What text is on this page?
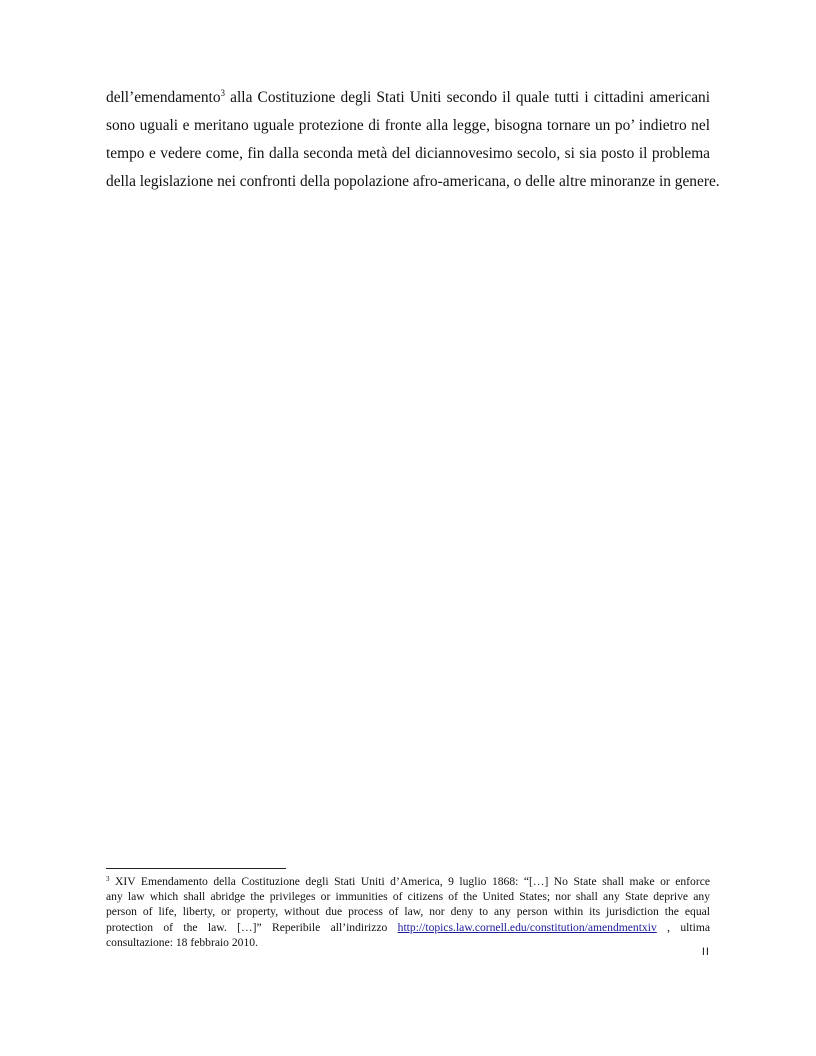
dell’emendamento$^3$ alla Costituzione degli Stati Uniti secondo il quale tutti i cittadini americani
sono uguali e meritano uguale protezione di fronte alla legge, bisogna tornare un po’ indietro nel
tempo e vedere come, fin dalla seconda metà del diciannovesimo secolo, si sia posto il problema
della legislazione nei confronti della popolazione afro-americana, o delle altre minoranze in genere.
$^3$ XIV Emendamento della Costituzione degli Stati Uniti d’America, 9 luglio 1868: “[…] No State shall make or enforce
any law which shall abridge the privileges or immunities of citizens of the United States; nor shall any State deprive any
person of life, liberty, or property, without due process of law, nor deny to any person within its jurisdiction the equal
protection of the law. […]” Reperibile all’indirizzo http://topics.law.cornell.edu/constitution/amendmentxiv , ultima
consultazione: 18 febbraio 2010.
II
